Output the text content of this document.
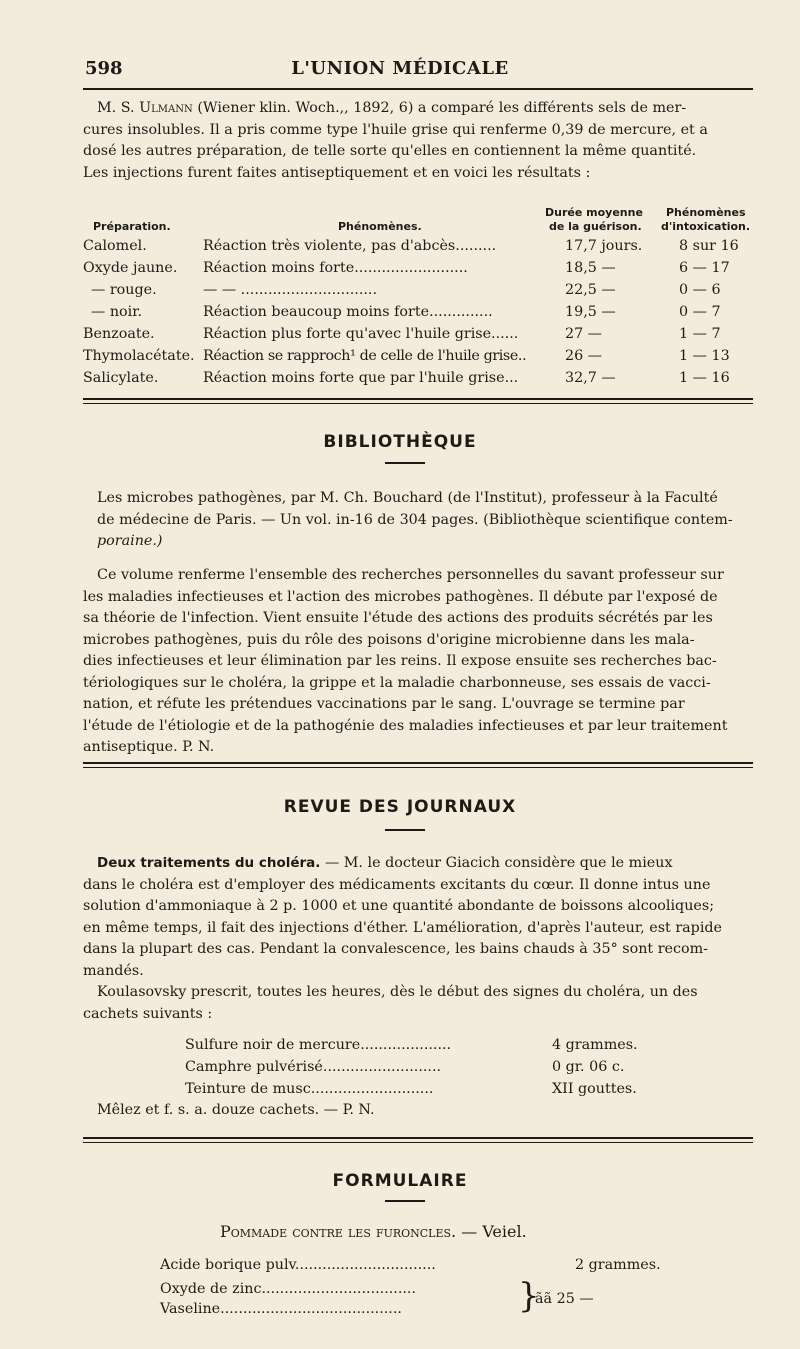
598	L'UNION MÉDICALE
M. S. Ulmann (Wiener klin. Woch.,, 1892, 6) a comparé les différents sels de mer-
cures insolubles. Il a pris comme type l'huile grise qui renferme 0,39 de mercure, et a
dosé les autres préparation, de telle sorte qu'elles en contiennent la même quantité.
Les injections furent faites antiseptiquement et en voici les résultats :
Préparation.	Phénomènes.
Durée moyenne
de la guérison.
Phénomènes
d'intoxication.
Calomel.	Réaction très violente, pas d'abcès.........	17,7 jours.	8 sur 16
Oxyde jaune. Réaction moins forte.........................	18,5 —	6 — 17
— rouge.	— — ..............................	22,5 —	0 — 6
— noir.	Réaction beaucoup moins forte..............	19,5 —	0 — 7
Benzoate.	Réaction plus forte qu'avec l'huile grise......	27 —	1 — 7
Thymolacétate. Réaction se rapproch¹ de celle de l'huile grise..	26 —	1 — 13
Salicylate.	Réaction moins forte que par l'huile grise...	32,7 —	1 — 16
BIBLIOTHÈQUE
Les microbes pathogènes, par M. Ch. Bouchard (de l'Institut), professeur à la Faculté
de médecine de Paris. — Un vol. in-16 de 304 pages. (Bibliothèque scientifique contem-
poraine.)
Ce volume renferme l'ensemble des recherches personnelles du savant professeur sur
les maladies infectieuses et l'action des microbes pathogènes. Il débute par l'exposé de
sa théorie de l'infection. Vient ensuite l'étude des actions des produits sécrétés par les
microbes pathogènes, puis du rôle des poisons d'origine microbienne dans les mala-
dies infectieuses et leur élimination par les reins. Il expose ensuite ses recherches bac-
tériologiques sur le choléra, la grippe et la maladie charbonneuse, ses essais de vacci-
nation, et réfute les prétendues vaccinations par le sang. L'ouvrage se termine par
l'étude de l'étiologie et de la pathogénie des maladies infectieuses et par leur traitement
antiseptique. P. N.
REVUE DES JOURNAUX
Deux traitements du choléra. — M. le docteur Giacich considère que le mieux
dans le choléra est d'employer des médicaments excitants du cœur. Il donne intus une
solution d'ammoniaque à 2 p. 1000 et une quantité abondante de boissons alcooliques;
en même temps, il fait des injections d'éther. L'amélioration, d'après l'auteur, est rapide
dans la plupart des cas. Pendant la convalescence, les bains chauds à 35° sont recom-
mandés.
Koulasovsky prescrit, toutes les heures, dès le début des signes du choléra, un des
cachets suivants :
Sulfure noir de mercure....................	4 grammes.
Camphre pulvérisé..........................	0 gr. 06 c.
Teinture de musc...........................	XII gouttes.
Mêlez et f. s. a. douze cachets. — P. N.
FORMULAIRE
Pommade contre les furoncles. — Veiel.
Acide borique pulv...............................	2 grammes.
Oxyde de zinc..................................
Vaseline........................................	}
ãã 25 —
